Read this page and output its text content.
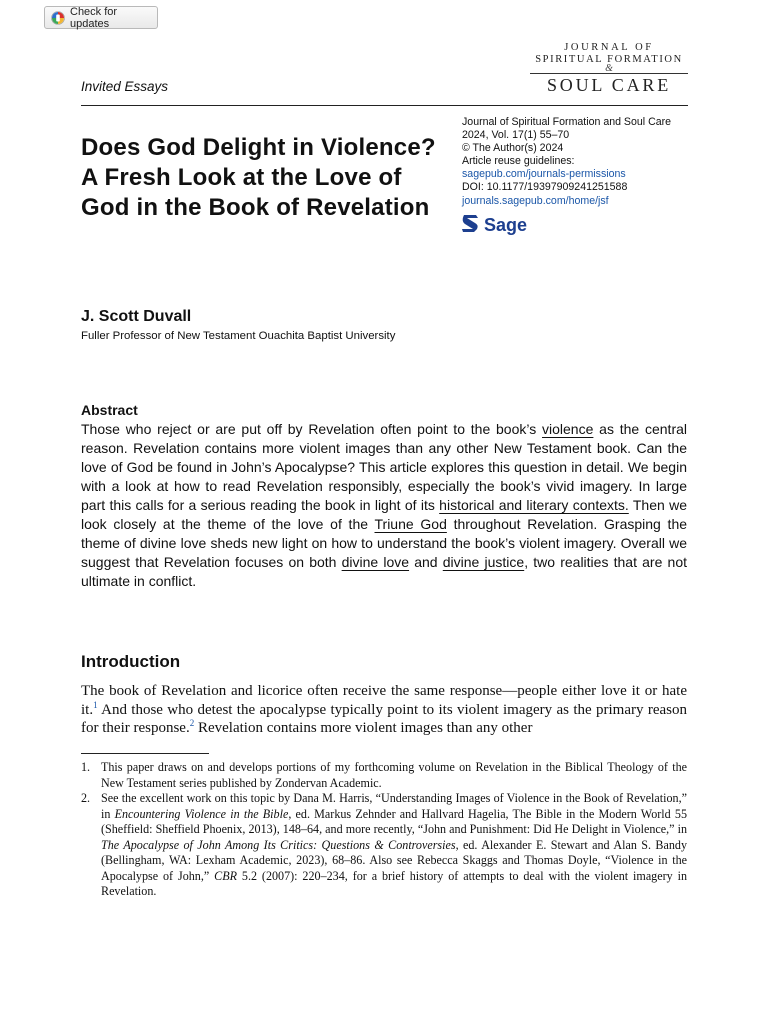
Check for updates
JOURNAL OF
SPIRITUAL FORMATION
&
SOUL CARE
Invited Essays
Does God Delight in Violence? A Fresh Look at the Love of God in the Book of Revelation
Journal of Spiritual Formation and Soul Care
2024, Vol. 17(1) 55–70
© The Author(s) 2024
Article reuse guidelines:
sagepub.com/journals-permissions
DOI: 10.1177/19397909241251588
journals.sagepub.com/home/jsf
Sage
J. Scott Duvall
Fuller Professor of New Testament Ouachita Baptist University
Abstract

Those who reject or are put off by Revelation often point to the book’s violence as the central reason. Revelation contains more violent images than any other New Testament book. Can the love of God be found in John’s Apocalypse? This article explores this question in detail. We begin with a look at how to read Revelation responsibly, especially the book’s vivid imagery. In large part this calls for a serious reading the book in light of its historical and literary contexts. Then we look closely at the theme of the love of the Triune God throughout Revelation. Grasping the theme of divine love sheds new light on how to understand the book’s violent imagery. Overall we suggest that Revelation focuses on both divine love and divine justice, two realities that are not ultimate in conflict.

Introduction

The book of Revelation and licorice often receive the same response—people either love it or hate it.$^1$ And those who detest the apocalypse typically point to its violent imagery as the primary reason for their response.$^2$ Revelation contains more violent images than any other

1. This paper draws on and develops portions of my forthcoming volume on Revelation in the Biblical Theology of the New Testament series published by Zondervan Academic.
2. See the excellent work on this topic by Dana M. Harris, “Understanding Images of Violence in the Book of Revelation,” in Encountering Violence in the Bible, ed. Markus Zehnder and Hallvard Hagelia, The Bible in the Modern World 55 (Sheffield: Sheffield Phoenix, 2013), 148–64, and more recently, “John and Punishment: Did He Delight in Violence,” in The Apocalypse of John Among Its Critics: Questions & Controversies, ed. Alexander E. Stewart and Alan S. Bandy (Bellingham, WA: Lexham Academic, 2023), 68–86. Also see Rebecca Skaggs and Thomas Doyle, “Violence in the Apocalypse of John,” CBR 5.2 (2007): 220–234, for a brief history of attempts to deal with the violent imagery in Revelation.
